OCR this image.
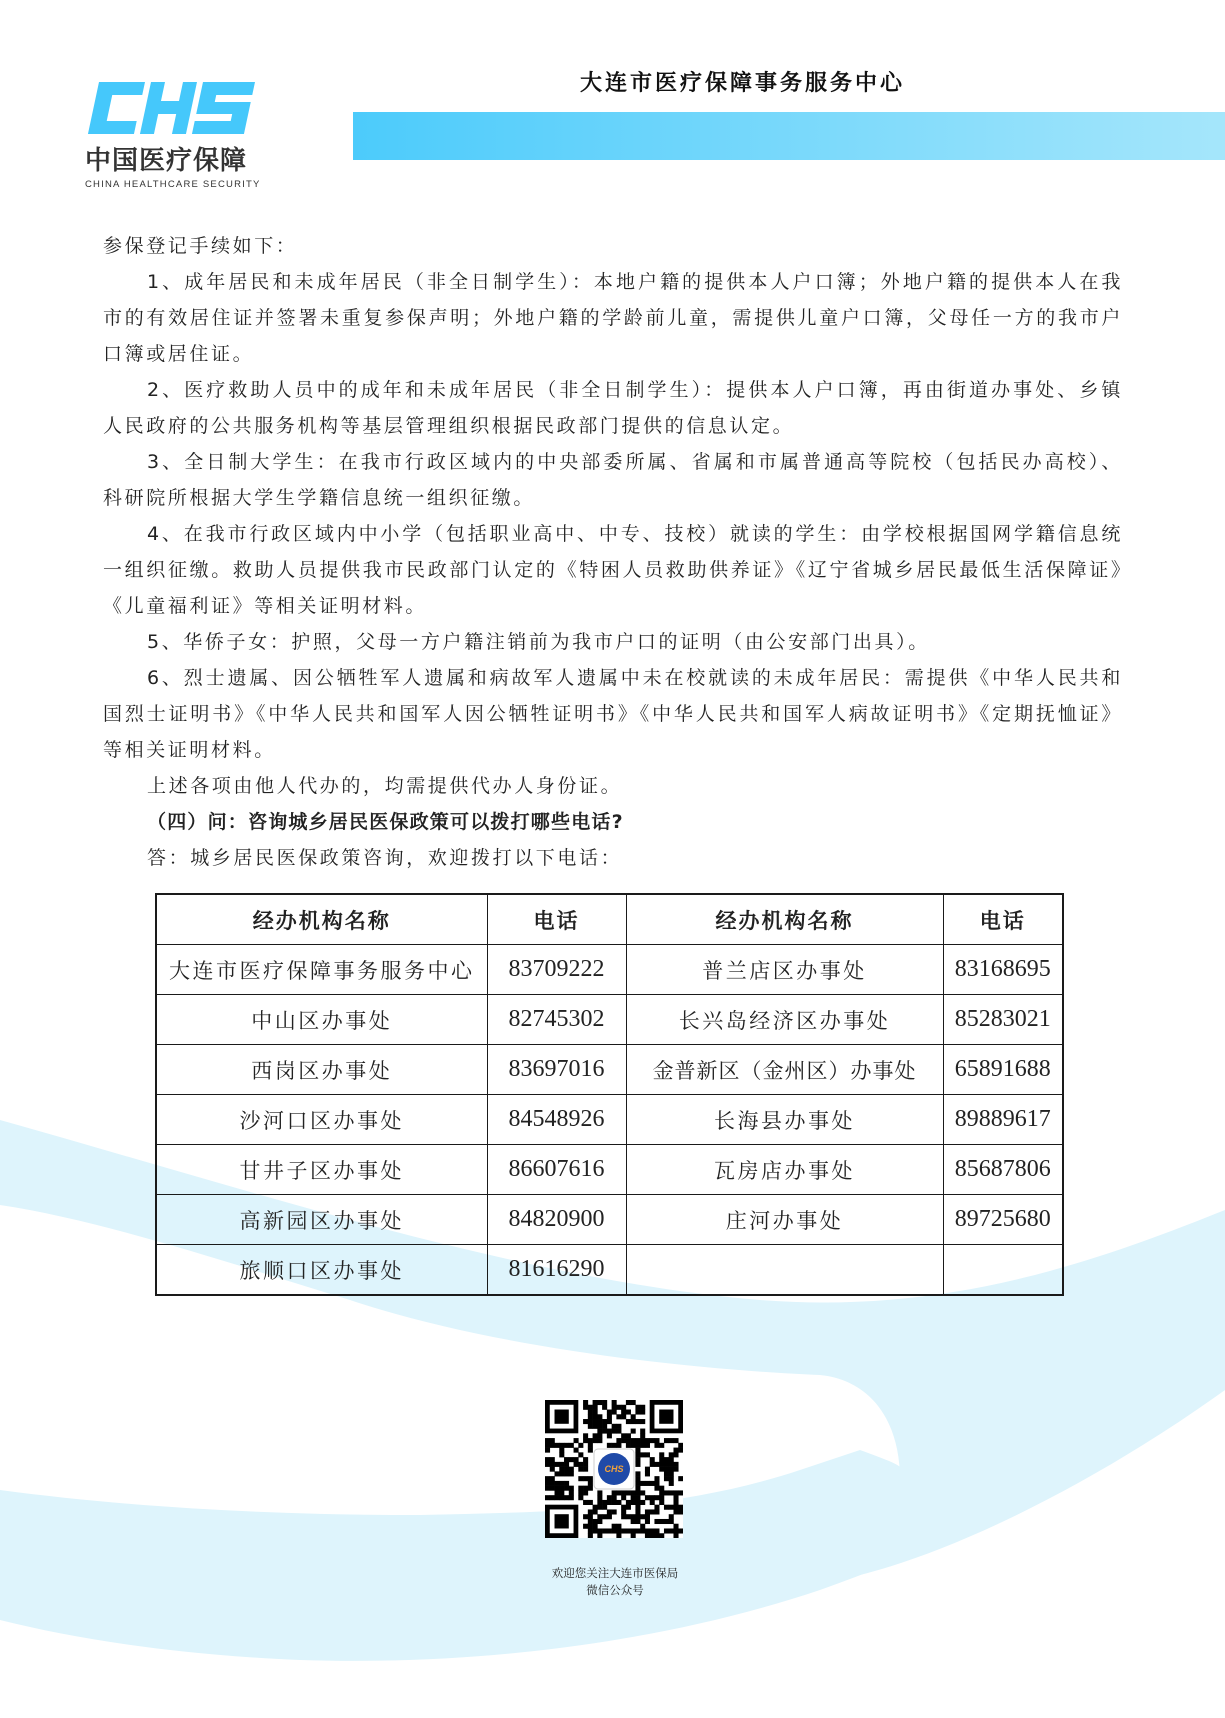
中国医疗保障
CHINA HEALTHCARE SECURITY
大连市医疗保障事务服务中心

参保登记手续如下：

1、成年居民和未成年居民（非全日制学生）：本地户籍的提供本人户口簿；外地户籍的提供本人在我市的有效居住证并签署未重复参保声明；外地户籍的学龄前儿童，需提供儿童户口簿，父母任一方的我市户口簿或居住证。

2、医疗救助人员中的成年和未成年居民（非全日制学生）：提供本人户口簿，再由街道办事处、乡镇人民政府的公共服务机构等基层管理组织根据民政部门提供的信息认定。

3、全日制大学生：在我市行政区域内的中央部委所属、省属和市属普通高等院校（包括民办高校）、科研院所根据大学生学籍信息统一组织征缴。

4、在我市行政区域内中小学（包括职业高中、中专、技校）就读的学生：由学校根据国网学籍信息统一组织征缴。救助人员提供我市民政部门认定的《特困人员救助供养证》《辽宁省城乡居民最低生活保障证》《儿童福利证》等相关证明材料。

5、华侨子女：护照，父母一方户籍注销前为我市户口的证明（由公安部门出具）。

6、烈士遗属、因公牺牲军人遗属和病故军人遗属中未在校就读的未成年居民：需提供《中华人民共和国烈士证明书》《中华人民共和国军人因公牺牲证明书》《中华人民共和国军人病故证明书》《定期抚恤证》等相关证明材料。

上述各项由他人代办的，均需提供代办人身份证。

（四）问：咨询城乡居民医保政策可以拨打哪些电话?

答：城乡居民医保政策咨询，欢迎拨打以下电话：

经办机构名称	电话	经办机构名称	电话
大连市医疗保障事务服务中心	83709222	普兰店区办事处	83168695
中山区办事处	82745302	长兴岛经济区办事处	85283021
西岗区办事处	83697016	金普新区（金州区）办事处	65891688
沙河口区办事处	84548926	长海县办事处	89889617
甘井子区办事处	86607616	瓦房店办事处	85687806
高新园区办事处	84820900	庄河办事处	89725680
旅顺口区办事处	81616290		
CHS
欢迎您关注大连市医保局
微信公众号
